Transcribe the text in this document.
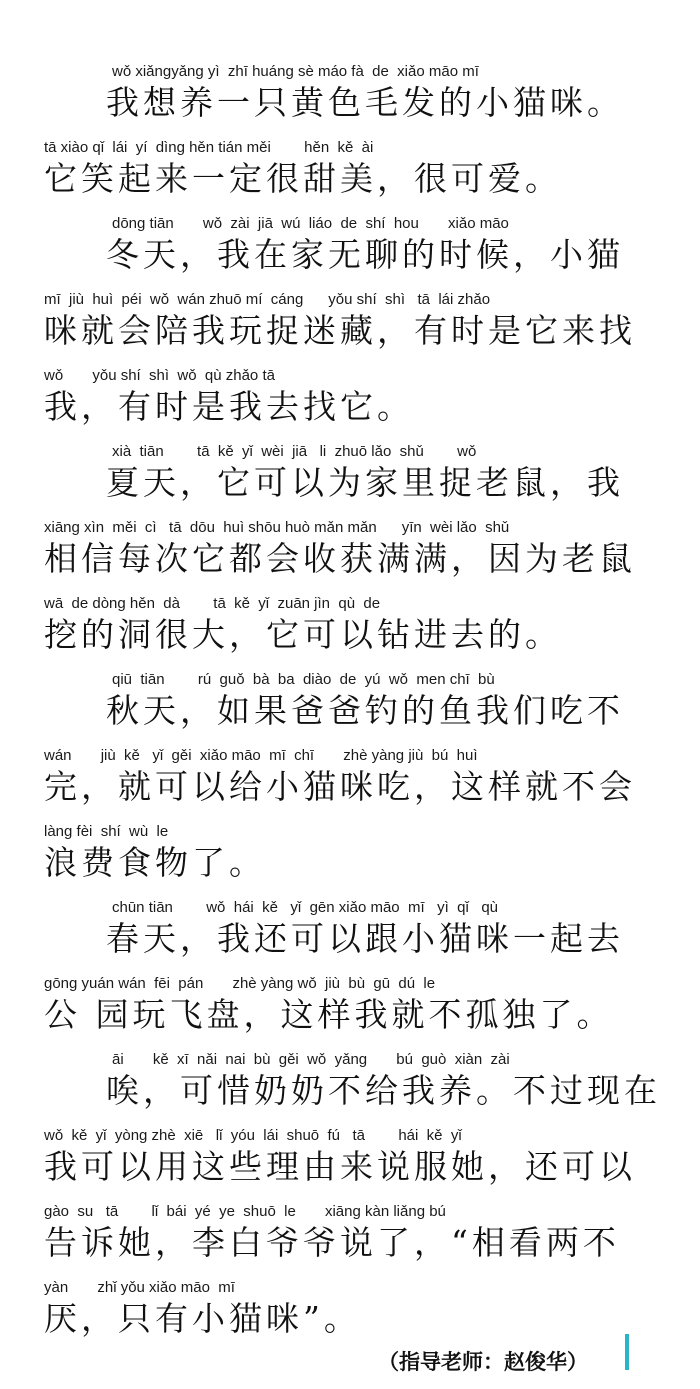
wǒ xiǎngyǎng yì  zhī huáng sè máo fà  de  xiǎo māo mī
我想养一只黄色毛发的小猫咪。
tā xiào qǐ  lái  yí  dìng hěn tián měi        hěn  kě  ài
它笑起来一定很甜美，很可爱。
dōng tiān       wǒ  zài  jiā  wú  liáo  de  shí  hou       xiǎo māo
冬天，我在家无聊的时候，小猫
mī  jiù  huì  péi  wǒ  wán zhuō mí  cáng      yǒu shí  shì   tā  lái zhǎo
咪就会陪我玩捉迷藏，有时是它来找
wǒ       yǒu shí  shì  wǒ  qù zhǎo tā
我，有时是我去找它。
xià  tiān        tā  kě  yǐ  wèi  jiā   li  zhuō lǎo  shǔ        wǒ
夏天，它可以为家里捉老鼠，我
xiāng xìn  měi  cì   tā  dōu  huì shōu huò mǎn mǎn      yīn  wèi lǎo  shǔ
相信每次它都会收获满满，因为老鼠
wā  de dòng hěn  dà        tā  kě  yǐ  zuān jìn  qù  de
挖的洞很大，它可以钻进去的。
qiū  tiān        rú  guǒ  bà  ba  diào  de  yú  wǒ  men chī  bù
秋天，如果爸爸钓的鱼我们吃不
wán       jiù  kě   yǐ  gěi  xiǎo māo  mī  chī       zhè yàng jiù  bú  huì
完，就可以给小猫咪吃，这样就不会
làng fèi  shí  wù  le
浪费食物了。
chūn tiān        wǒ  hái  kě   yǐ  gēn xiǎo māo  mī   yì  qǐ   qù
春天，我还可以跟小猫咪一起去
gōng yuán wán  fēi  pán       zhè yàng wǒ  jiù  bù  gū  dú  le
公 园玩飞盘，这样我就不孤独了。
āi       kě  xī  nǎi  nai  bù  gěi  wǒ  yǎng       bú  guò  xiàn  zài
唉，可惜奶奶不给我养。不过现在
wǒ  kě  yǐ  yòng zhè  xiē   lǐ  yóu  lái  shuō  fú   tā        hái  kě  yǐ
我可以用这些理由来说服她，还可以
gào  su   tā        lǐ  bái  yé  ye  shuō  le       xiāng kàn liǎng bú
告诉她，李白爷爷说了，“相看两不
yàn       zhǐ yǒu xiǎo māo  mī
厌，只有小猫咪”。
（指导老师：赵俊华）
